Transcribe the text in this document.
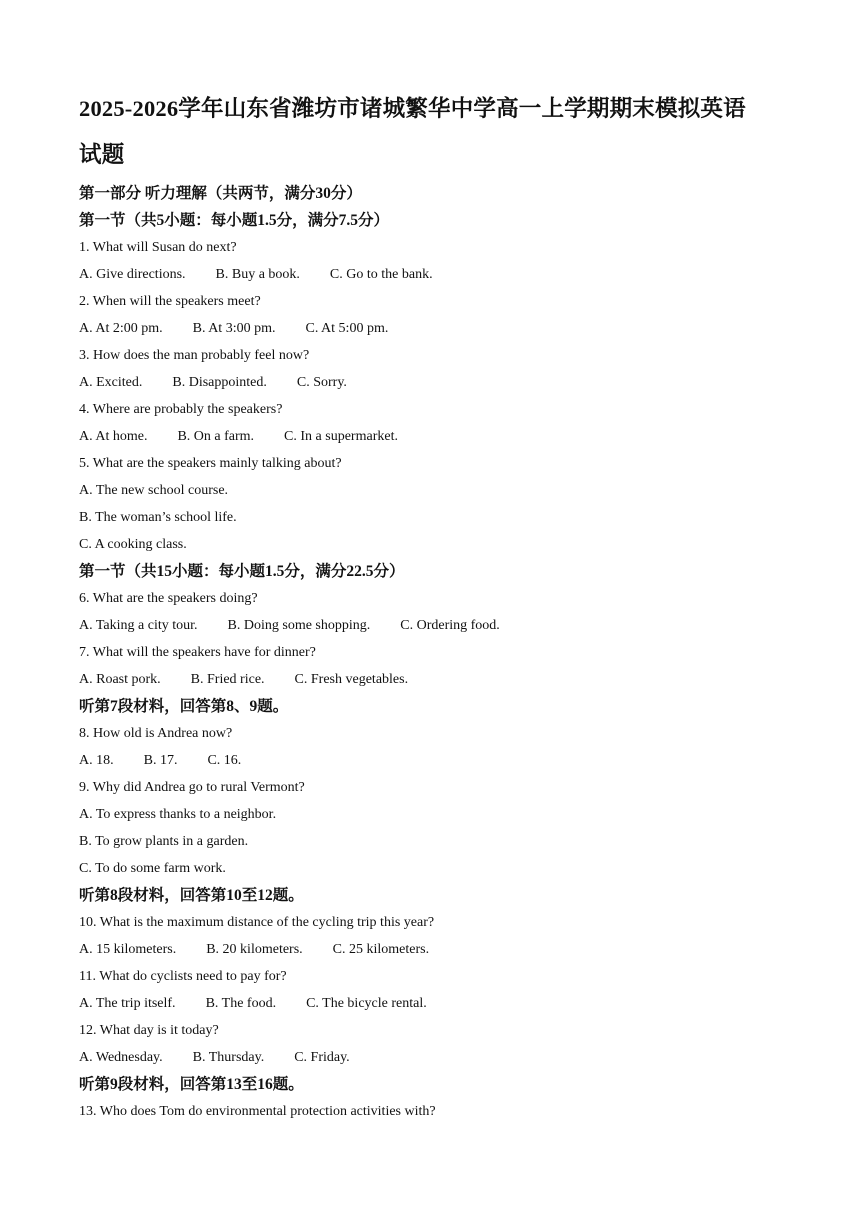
2025-2026学年山东省潍坊市诸城繁华中学高一上学期期末模拟英语
试题
第一部分 听力理解（共两节，满分30分）
第一节（共5小题：每小题1.5分，满分7.5分）
1. What will Susan do next?
A. Give directions. B. Buy a book. C. Go to the bank.
2. When will the speakers meet?
A. At 2:00 pm. B. At 3:00 pm. C. At 5:00 pm.
3. How does the man probably feel now?
A. Excited. B. Disappointed. C. Sorry.
4. Where are probably the speakers?
A. At home. B. On a farm. C. In a supermarket.
5. What are the speakers mainly talking about?
A. The new school course.
B. The woman’s school life.
C. A cooking class.
第一节（共15小题：每小题1.5分，满分22.5分）
6. What are the speakers doing?
A. Taking a city tour. B. Doing some shopping. C. Ordering food.
7. What will the speakers have for dinner?
A. Roast pork. B. Fried rice. C. Fresh vegetables.
听第7段材料，回答第8、9题。
8. How old is Andrea now?
A. 18. B. 17. C. 16.
9. Why did Andrea go to rural Vermont?
A. To express thanks to a neighbor.
B. To grow plants in a garden.
C. To do some farm work.
听第8段材料，回答第10至12题。
10. What is the maximum distance of the cycling trip this year?
A. 15 kilometers. B. 20 kilometers. C. 25 kilometers.
11. What do cyclists need to pay for?
A. The trip itself. B. The food. C. The bicycle rental.
12. What day is it today?
A. Wednesday. B. Thursday. C. Friday.
听第9段材料，回答第13至16题。
13. Who does Tom do environmental protection activities with?
